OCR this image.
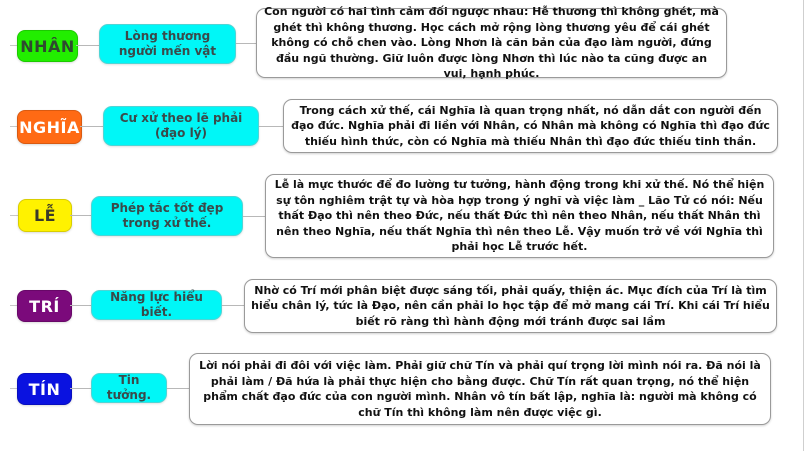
NHÂN
Lòng thương người mến vật
Con người có hai tình cảm đối ngược nhau: Hễ thương thì không ghét, mà ghét thì không thương. Học cách mở rộng lòng thương yêu để cái ghét không có chỗ chen vào. Lòng Nhơn là căn bản của đạo làm người, đứng đầu ngũ thường. Giữ luôn được lòng Nhơn thì lúc nào ta cũng được an vui, hạnh phúc.
NGHĨA	Cư xử theo lẽ phải (đạo lý)
Trong cách xử thế, cái Nghĩa là quan trọng nhất, nó dẫn dắt con người đến đạo đức. Nghĩa phải đi liền với Nhân, có Nhân mà không có Nghĩa thì đạo đức thiếu hình thức, còn có Nghĩa mà thiếu Nhân thì đạo đức thiếu tinh thần.
LỄ	Phép tắc tốt đẹp trong xử thế.
Lễ là mực thước để đo lường tư tưởng, hành động trong khi xử thế. Nó thể hiện sự tôn nghiêm trật tự và hòa hợp trong ý nghĩ và việc làm _ Lão Tử có nói: Nếu thất Đạo thì nên theo Đức, nếu thất Đức thì nên theo Nhân, nếu thất Nhân thì nên theo Nghĩa, nếu thất Nghĩa thì nên theo Lễ. Vậy muốn trở về với Nghĩa thì phải học Lễ trước hết.
TRÍ	Năng lực hiểu biết.
Nhờ có Trí mới phân biệt được sáng tối, phải quấy, thiện ác. Mục đích của Trí là tìm hiểu chân lý, tức là Đạo, nên cần phải lo học tập để mở mang cái Trí. Khi cái Trí hiểu biết rõ ràng thì hành động mới tránh được sai lầm
TÍN	Tin tưởng.
Lời nói phải đi đôi với việc làm. Phải giữ chữ Tín và phải quí trọng lời mình nói ra. Đã nói là phải làm / Đã hứa là phải thực hiện cho bằng được. Chữ Tín rất quan trọng, nó thể hiện phẩm chất đạo đức của con người mình. Nhân vô tín bất lập, nghĩa là: người mà không có chữ Tín thì không làm nên được việc gì.
